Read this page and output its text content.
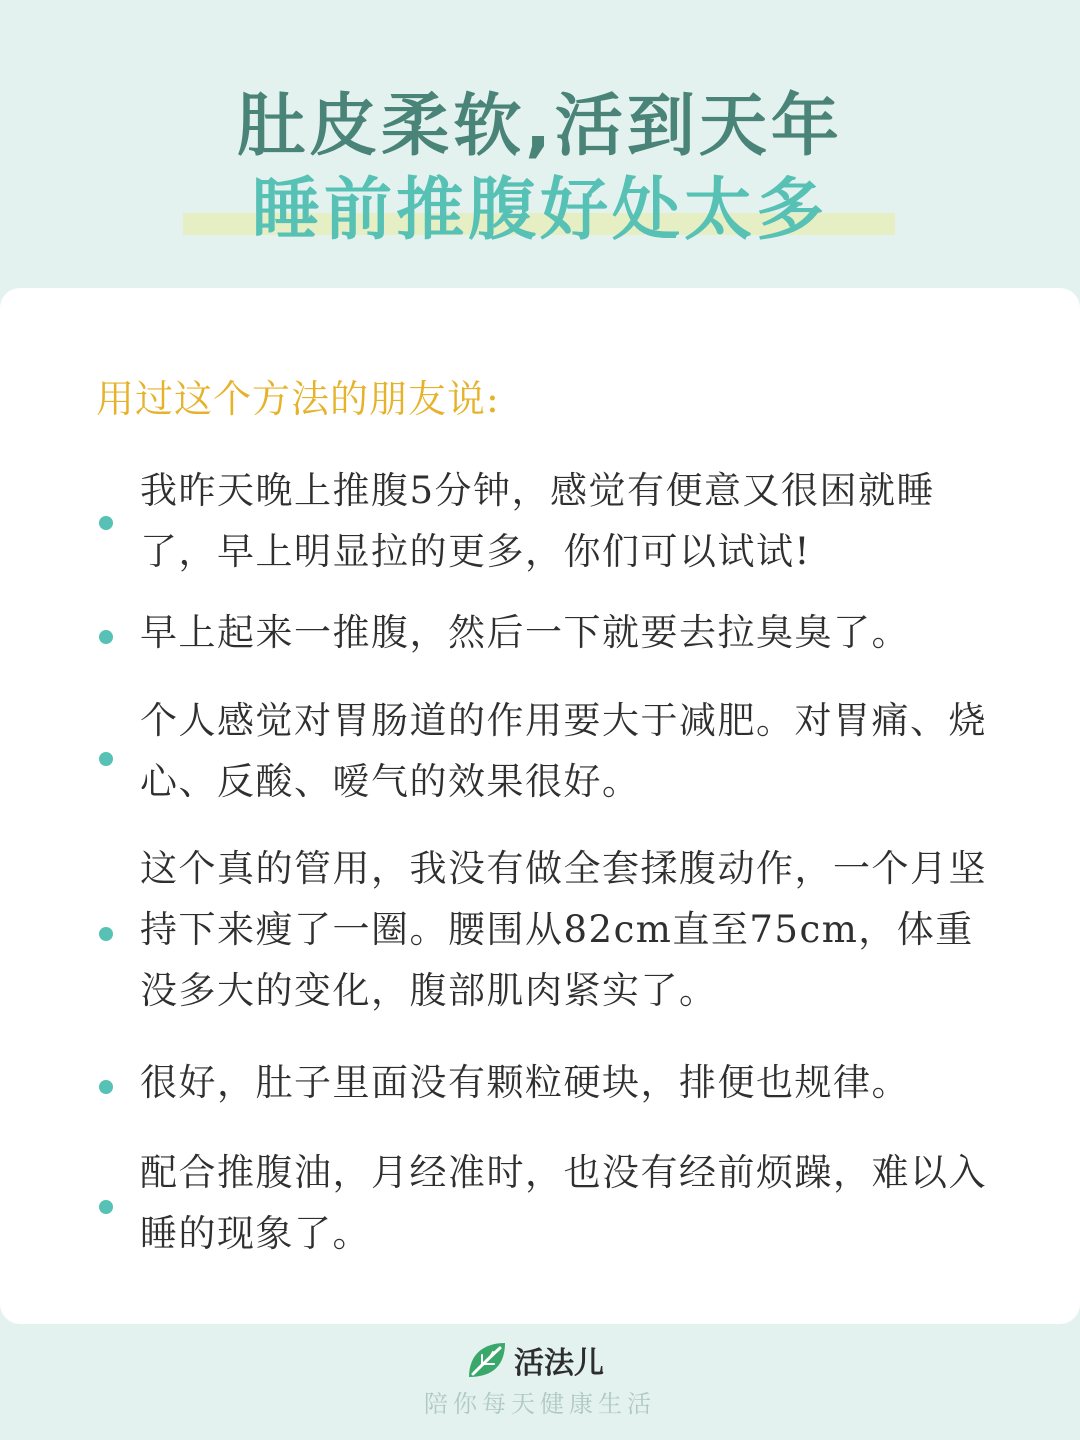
肚皮柔软,活到天年
睡前推腹好处太多

用过这个方法的朋友说:

我昨天晚上推腹5分钟，感觉有便意又很困就睡了，早上明显拉的更多，你们可以试试!

早上起来一推腹，然后一下就要去拉臭臭了。

个人感觉对胃肠道的作用要大于减肥。对胃痛、烧心、反酸、嗳气的效果很好。

这个真的管用，我没有做全套揉腹动作，一个月坚持下来瘦了一圈。腰围从82cm直至75cm，体重没多大的变化，腹部肌肉紧实了。

很好，肚子里面没有颗粒硬块，排便也规律。

配合推腹油，月经准时，也没有经前烦躁，难以入睡的现象了。

活法儿

陪你每天健康生活
